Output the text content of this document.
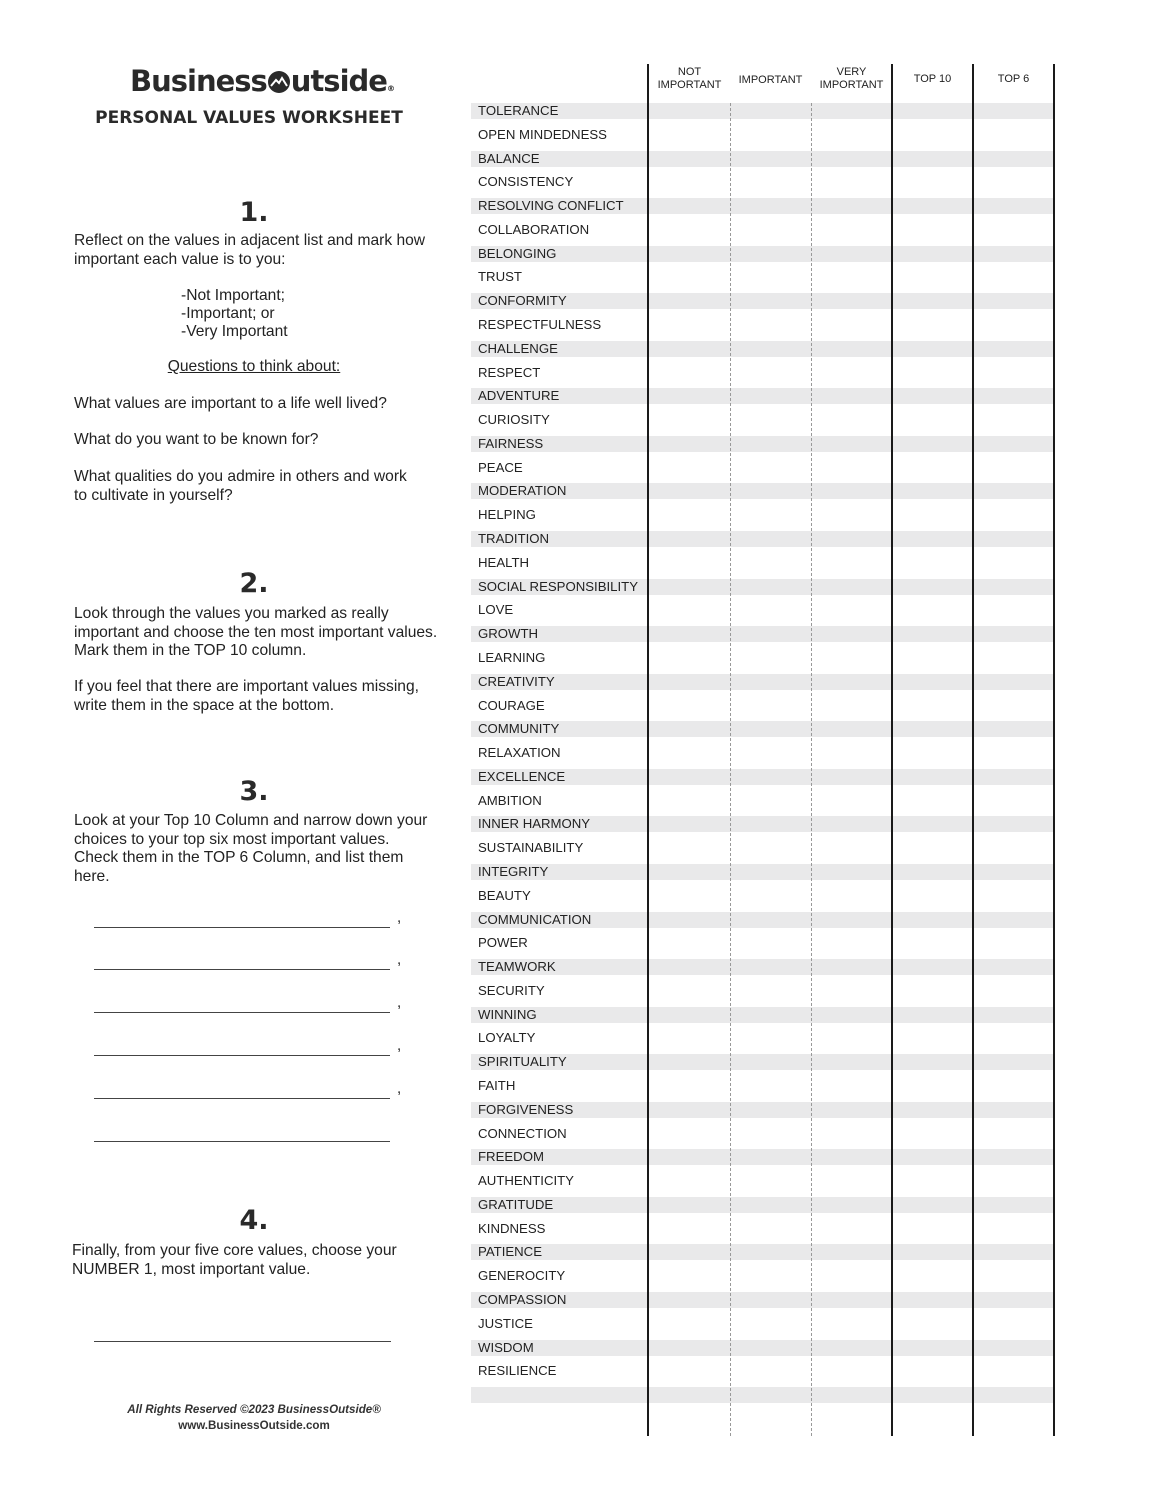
Business utside®
PERSONAL VALUES WORKSHEET
1.
Reflect on the values in adjacent list and mark how important each value is to you:
-Not Important;
-Important; or
-Very Important
Questions to think about:
What values are important to a life well lived?
What do you want to be known for?
What qualities do you admire in others and work to cultivate in yourself?
2.
Look through the values you marked as really important and choose the ten most important values. Mark them in the TOP 10 column.
If you feel that there are important values missing, write them in the space at the bottom.
3.
Look at your Top 10 Column and narrow down your choices to your top six most important values. Check them in the TOP 6 Column, and list them here.
,
,
,
,
,
4.
Finally, from your five core values, choose your NUMBER 1, most important value.
All Rights Reserved ©2023 BusinessOutside®
www.BusinessOutside.com
NOT
IMPORTANT	IMPORTANT
VERY
IMPORTANT	TOP 10	TOP 6
TOLERANCE
OPEN MINDEDNESS
BALANCE
CONSISTENCY
RESOLVING CONFLICT
COLLABORATION
BELONGING
TRUST
CONFORMITY
RESPECTFULNESS
CHALLENGE
RESPECT
ADVENTURE
CURIOSITY
FAIRNESS
PEACE
MODERATION
HELPING
TRADITION
HEALTH
SOCIAL RESPONSIBILITY
LOVE
GROWTH
LEARNING
CREATIVITY
COURAGE
COMMUNITY
RELAXATION
EXCELLENCE
AMBITION
INNER HARMONY
SUSTAINABILITY
INTEGRITY
BEAUTY
COMMUNICATION
POWER
TEAMWORK
SECURITY
WINNING
LOYALTY
SPIRITUALITY
FAITH
FORGIVENESS
CONNECTION
FREEDOM
AUTHENTICITY
GRATITUDE
KINDNESS
PATIENCE
GENEROCITY
COMPASSION
JUSTICE
WISDOM
RESILIENCE
